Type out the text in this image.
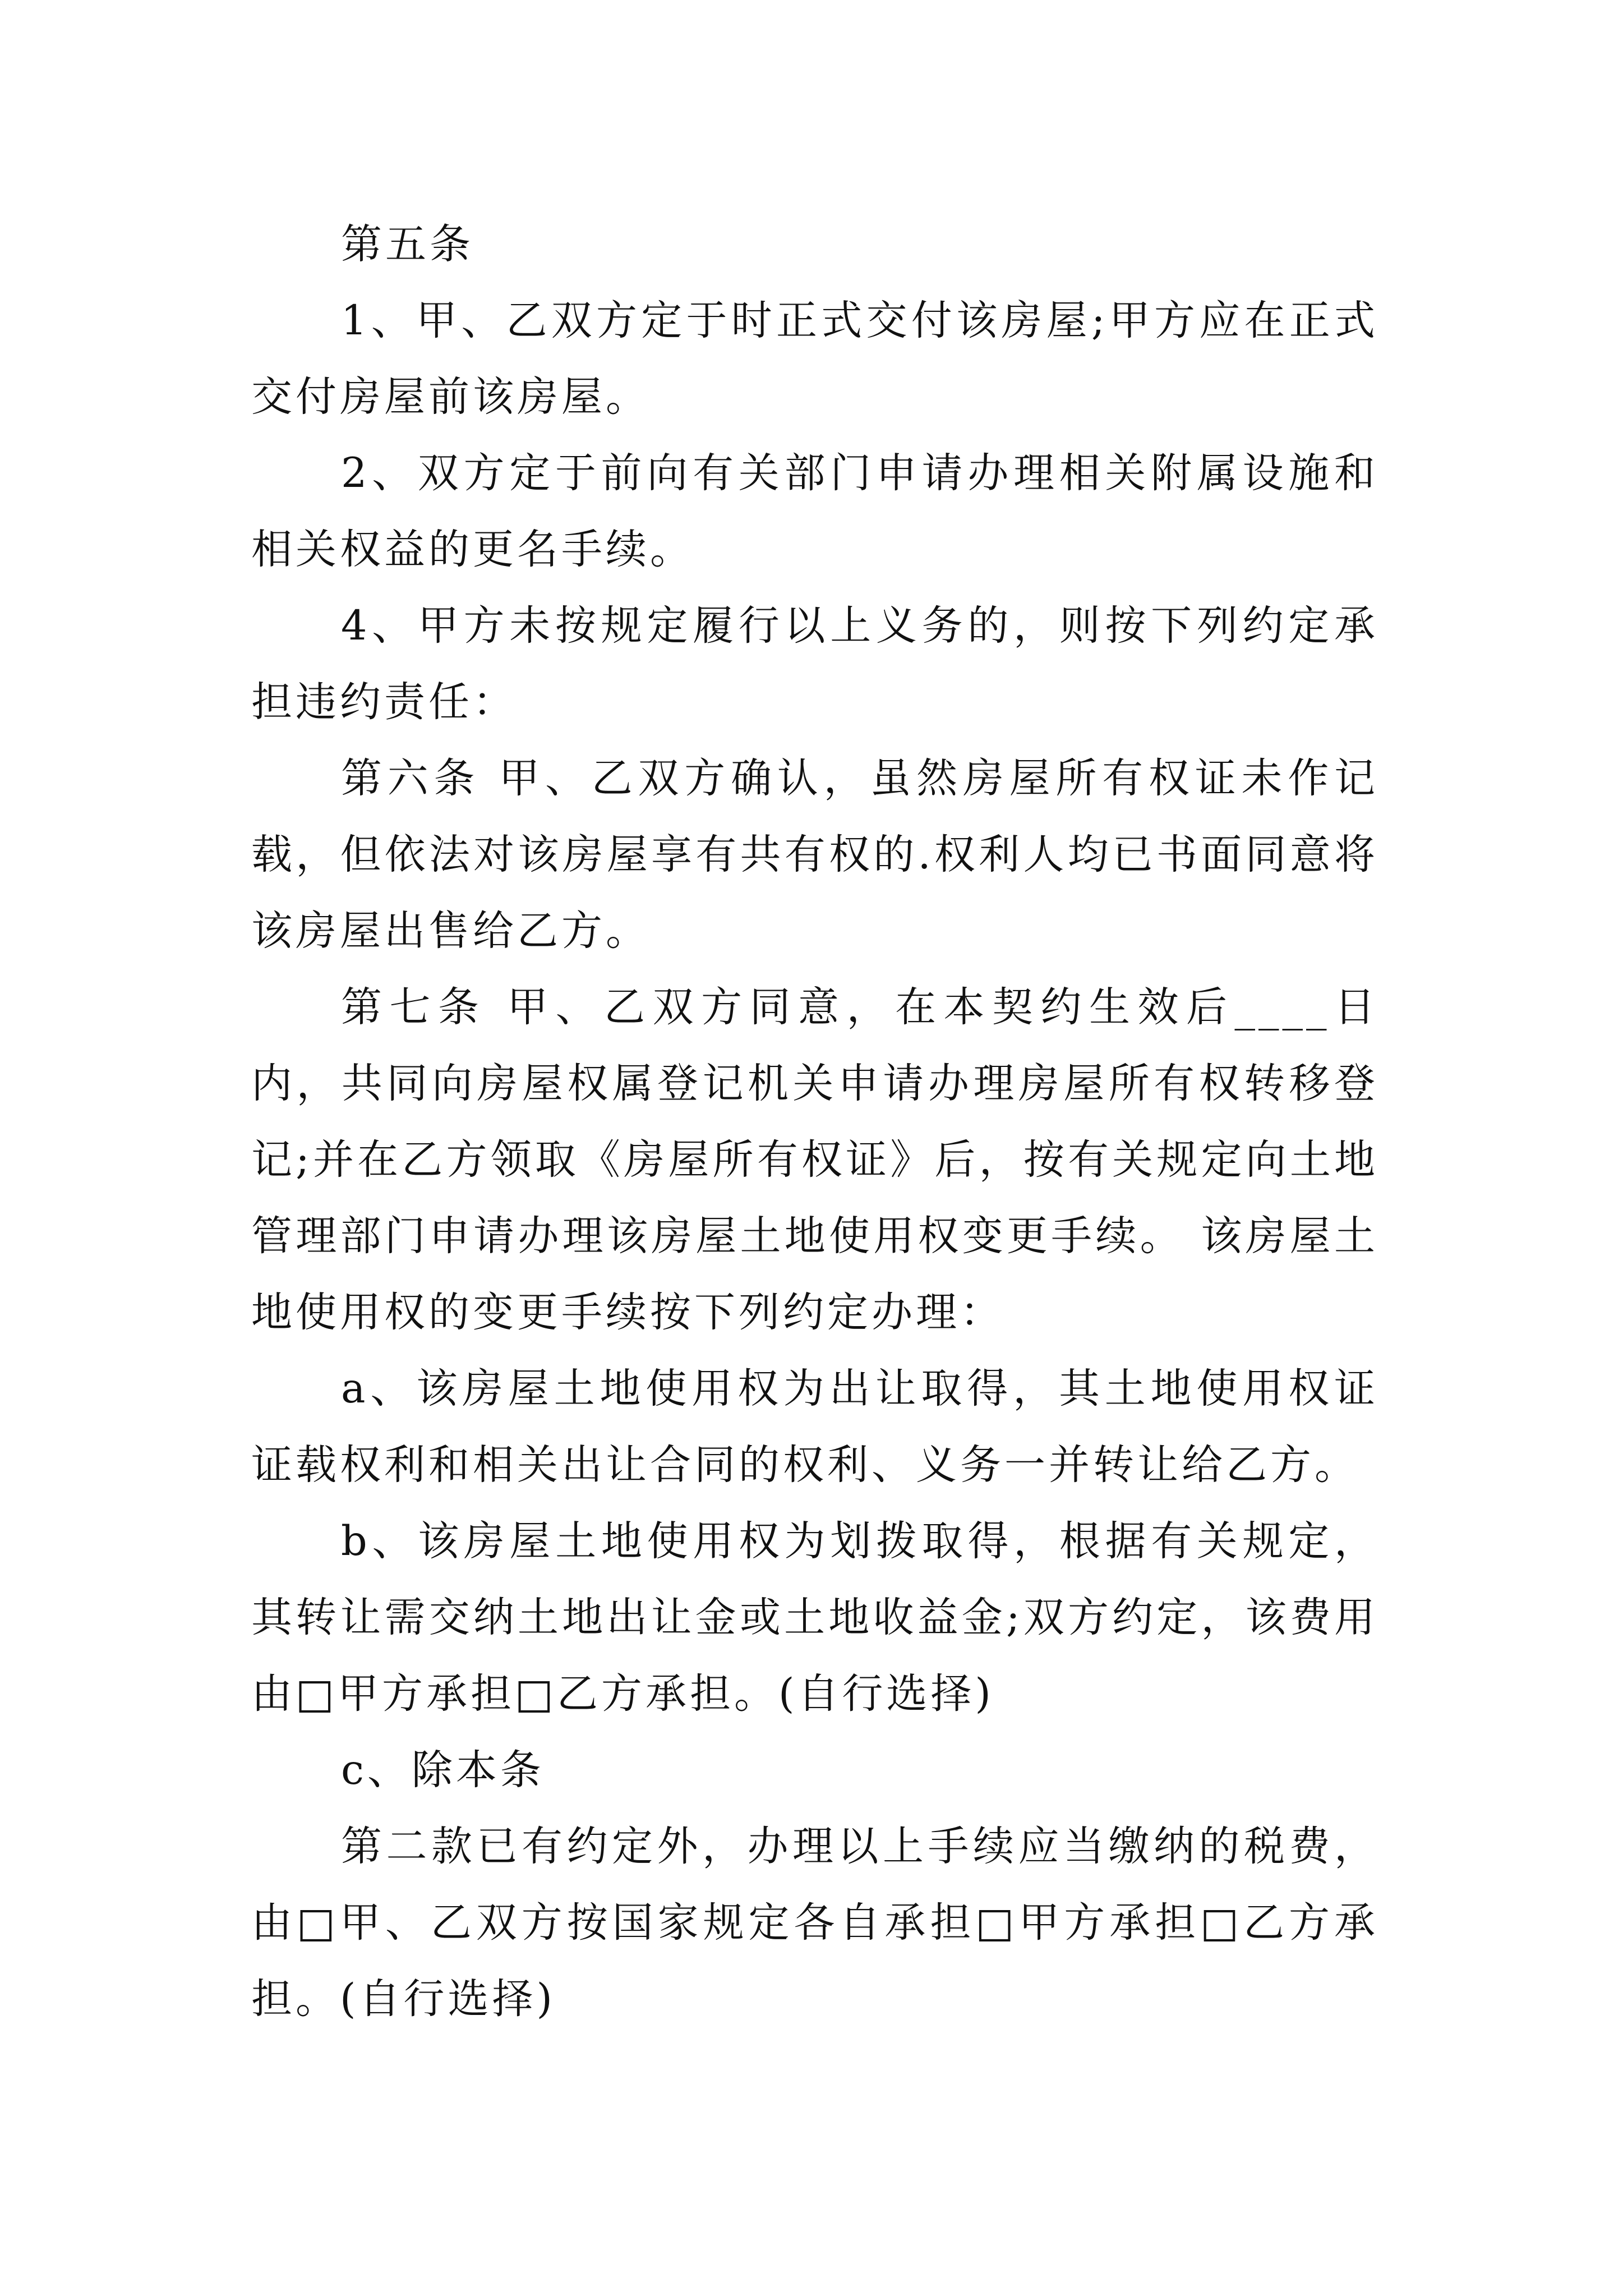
第五条

1、甲、乙双方定于时正式交付该房屋;甲方应在正式交付房屋前该房屋。

2、双方定于前向有关部门申请办理相关附属设施和相关权益的更名手续。

4、甲方未按规定履行以上义务的，则按下列约定承担违约责任：

第六条 甲、乙双方确认，虽然房屋所有权证未作记载，但依法对该房屋享有共有权的.权利人均已书面同意将该房屋出售给乙方。

第七条 甲、乙双方同意，在本契约生效后____日内，共同向房屋权属登记机关申请办理房屋所有权转移登记;并在乙方领取《房屋所有权证》后，按有关规定向土地管理部门申请办理该房屋土地使用权变更手续。 该房屋土地使用权的变更手续按下列约定办理：

a、该房屋土地使用权为出让取得，其土地使用权证证载权利和相关出让合同的权利、义务一并转让给乙方。

b、该房屋土地使用权为划拨取得，根据有关规定，其转让需交纳土地出让金或土地收益金;双方约定，该费用由□甲方承担□乙方承担。(自行选择)

c、除本条

第二款已有约定外，办理以上手续应当缴纳的税费，由□甲、乙双方按国家规定各自承担□甲方承担□乙方承担。(自行选择)
